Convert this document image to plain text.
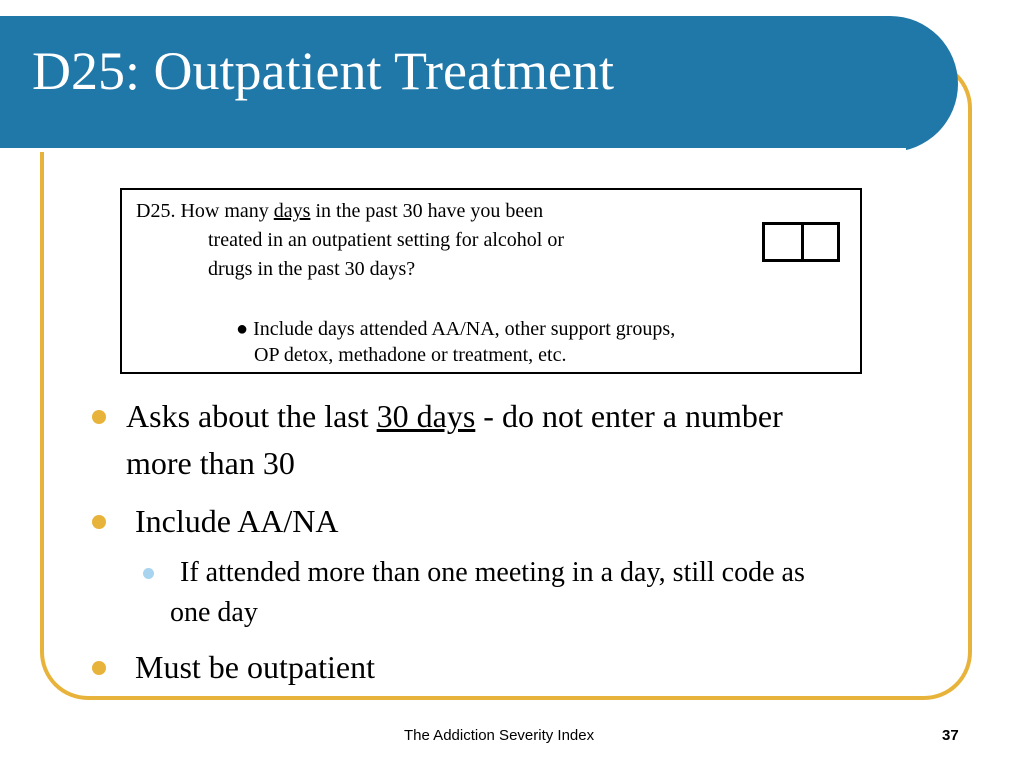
D25: Outpatient Treatment
D25. How many days in the past 30 have you been
treated in an outpatient setting for alcohol or
drugs in the past 30 days?
● Include days attended AA/NA, other support groups,
OP detox, methadone or treatment, etc.
Asks about the last 30 days - do not enter a number
more than 30
Include AA/NA
If attended more than one meeting in a day, still code as
one day
Must be outpatient
The Addiction Severity Index	37
